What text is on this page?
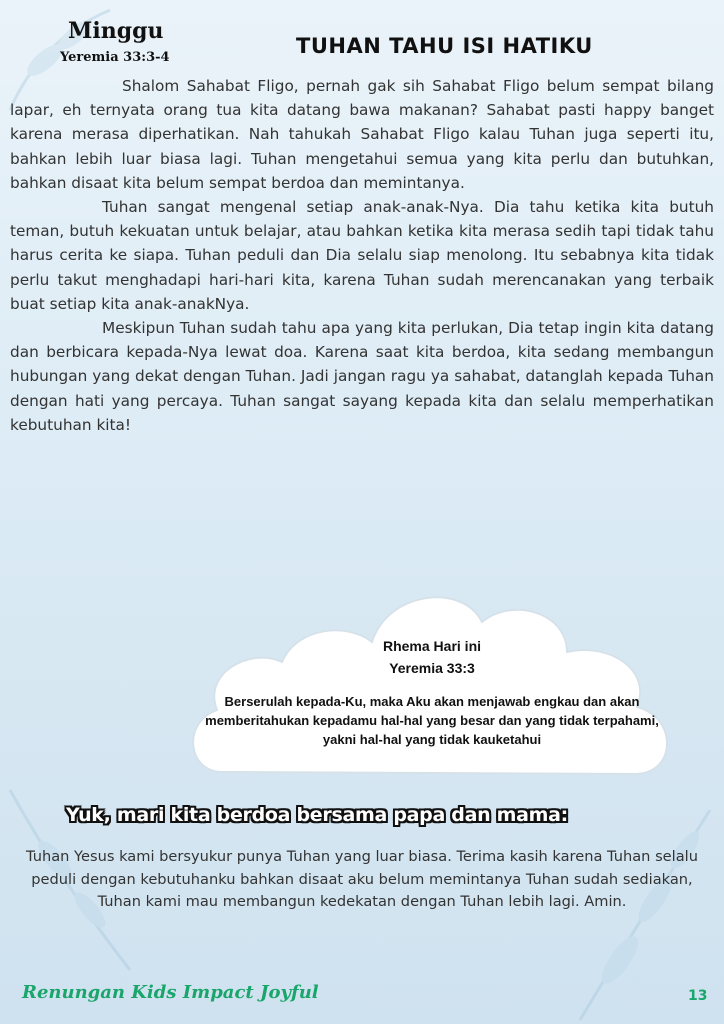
Minggu
Yeremia 33:3-4	TUHAN TAHU ISI HATIKU

Shalom Sahabat Fligo, pernah gak sih Sahabat Fligo belum sempat bilang lapar, eh ternyata orang tua kita datang bawa makanan? Sahabat pasti happy banget karena merasa diperhatikan. Nah tahukah Sahabat Fligo kalau Tuhan juga seperti itu, bahkan lebih luar biasa lagi. Tuhan mengetahui semua yang kita perlu dan butuhkan, bahkan disaat kita belum sempat berdoa dan memintanya.

Tuhan sangat mengenal setiap anak-anak-Nya. Dia tahu ketika kita butuh teman, butuh kekuatan untuk belajar, atau bahkan ketika kita merasa sedih tapi tidak tahu harus cerita ke siapa. Tuhan peduli dan Dia selalu siap menolong. Itu sebabnya kita tidak perlu takut menghadapi hari-hari kita, karena Tuhan sudah merencanakan yang terbaik buat setiap kita anak-anakNya.

Meskipun Tuhan sudah tahu apa yang kita perlukan, Dia tetap ingin kita datang dan berbicara kepada-Nya lewat doa. Karena saat kita berdoa, kita sedang membangun hubungan yang dekat dengan Tuhan. Jadi jangan ragu ya sahabat, datanglah kepada Tuhan dengan hati yang percaya. Tuhan sangat sayang kepada kita dan selalu memperhatikan kebutuhan kita!

Rhema Hari ini
Yeremia 33:3
Berserulah kepada-Ku, maka Aku akan menjawab engkau dan akan memberitahukan kepadamu hal-hal yang besar dan yang tidak terpahami, yakni hal-hal yang tidak kauketahui
Yuk, mari kita berdoa bersama papa dan mama:
Tuhan Yesus kami bersyukur punya Tuhan yang luar biasa. Terima kasih karena Tuhan selalu peduli dengan kebutuhanku bahkan disaat aku belum memintanya Tuhan sudah sediakan, Tuhan kami mau membangun kedekatan dengan Tuhan lebih lagi. Amin.
Renungan Kids Impact Joyful	13
